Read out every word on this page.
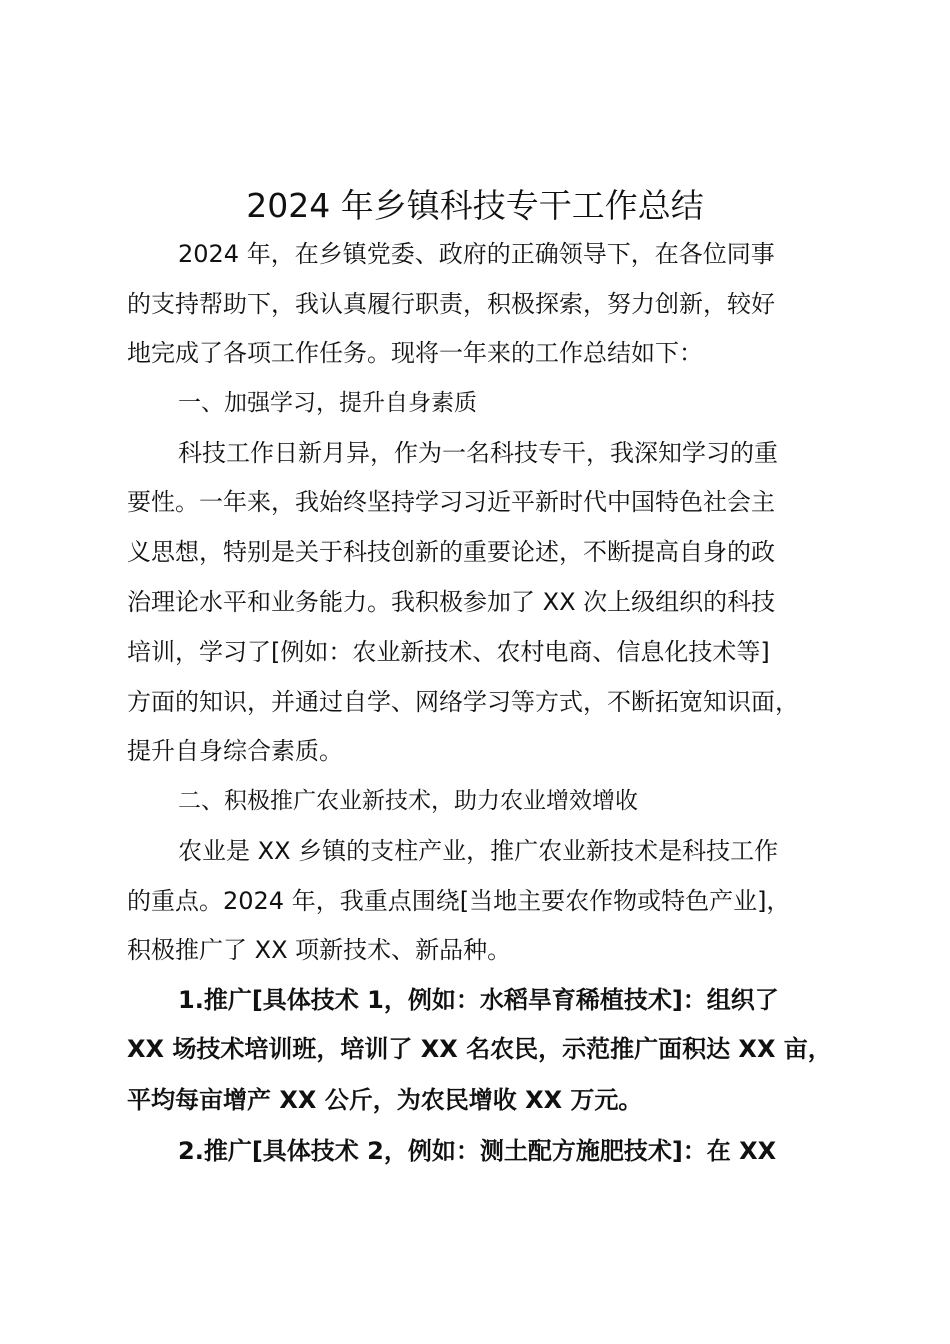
2024 年乡镇科技专干工作总结

2024 年，在乡镇党委、政府的正确领导下，在各位同事

的支持帮助下，我认真履行职责，积极探索，努力创新，较好

地完成了各项工作任务。现将一年来的工作总结如下：

一、加强学习，提升自身素质

科技工作日新月异，作为一名科技专干，我深知学习的重

要性。一年来，我始终坚持学习习近平新时代中国特色社会主

义思想，特别是关于科技创新的重要论述，不断提高自身的政

治理论水平和业务能力。我积极参加了 XX 次上级组织的科技

培训，学习了[例如：农业新技术、农村电商、信息化技术等]

方面的知识，并通过自学、网络学习等方式，不断拓宽知识面，

提升自身综合素质。

二、积极推广农业新技术，助力农业增效增收

农业是 XX 乡镇的支柱产业，推广农业新技术是科技工作

的重点。2024 年，我重点围绕[当地主要农作物或特色产业]，

积极推广了 XX 项新技术、新品种。

1.推广[具体技术 1，例如：水稻旱育稀植技术]：组织了

XX 场技术培训班，培训了 XX 名农民，示范推广面积达 XX 亩，

平均每亩增产 XX 公斤，为农民增收 XX 万元。

2.推广[具体技术 2，例如：测土配方施肥技术]：在 XX
